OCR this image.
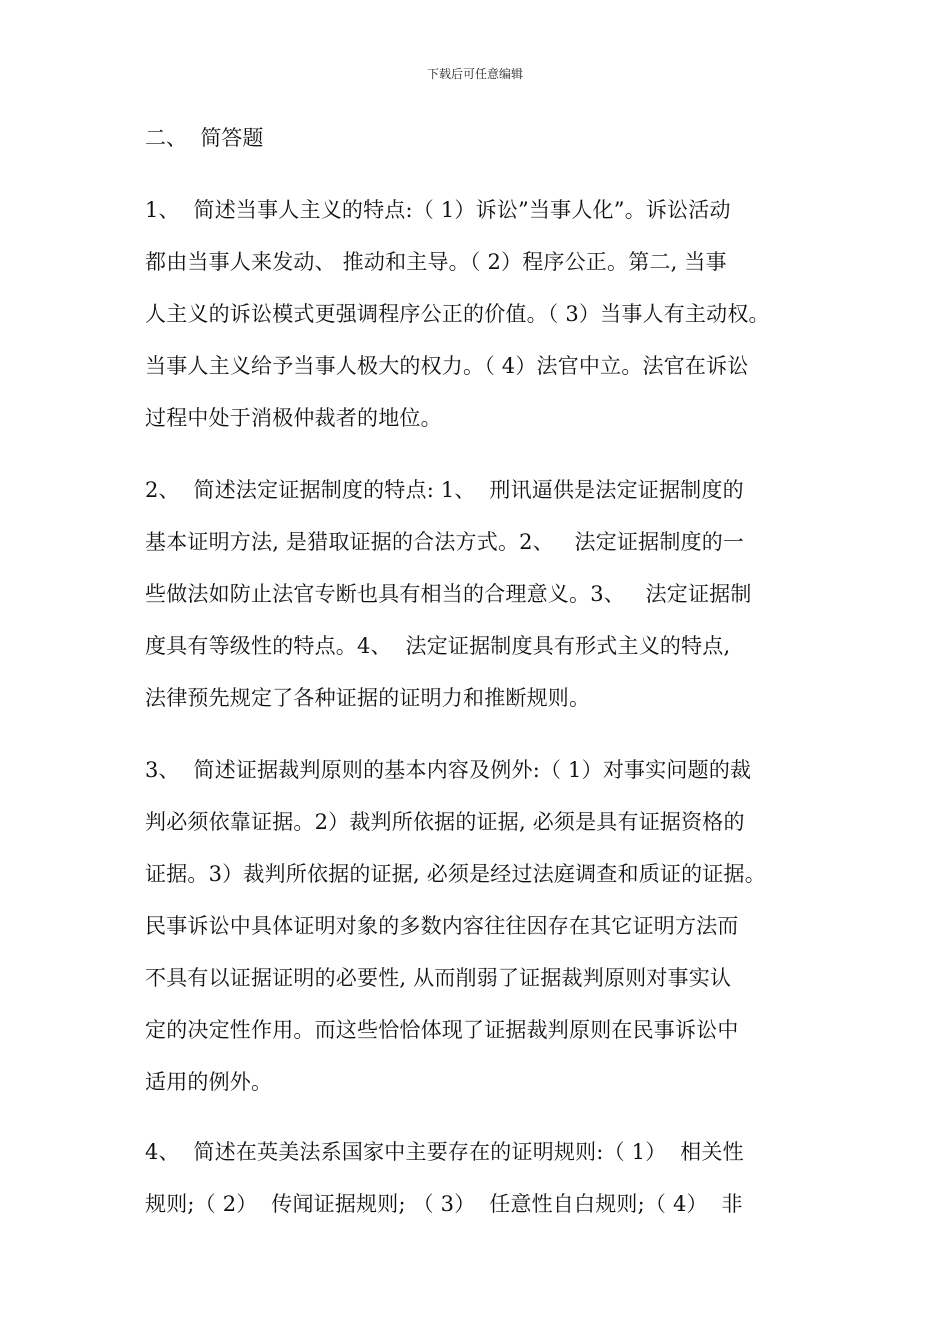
下载后可任意编辑
二、  简答题
1、  简述当事人主义的特点:（ 1）诉讼”当事人化”。诉讼活动
都由当事人来发动、 推动和主导。（ 2）程序公正。第二, 当事
人主义的诉讼模式更强调程序公正的价值。（ 3）当事人有主动权。
当事人主义给予当事人极大的权力。（ 4）法官中立。法官在诉讼
过程中处于消极仲裁者的地位。
2、  简述法定证据制度的特点: 1、  刑讯逼供是法定证据制度的
基本证明方法, 是猎取证据的合法方式。2、   法定证据制度的一
些做法如防止法官专断也具有相当的合理意义。3、   法定证据制
度具有等级性的特点。4、  法定证据制度具有形式主义的特点,
法律预先规定了各种证据的证明力和推断规则。
3、  简述证据裁判原则的基本内容及例外:（ 1）对事实问题的裁
判必须依靠证据。2）裁判所依据的证据, 必须是具有证据资格的
证据。3）裁判所依据的证据, 必须是经过法庭调查和质证的证据。
民事诉讼中具体证明对象的多数内容往往因存在其它证明方法而
不具有以证据证明的必要性, 从而削弱了证据裁判原则对事实认
定的决定性作用。而这些恰恰体现了证据裁判原则在民事诉讼中
适用的例外。
4、  简述在英美法系国家中主要存在的证明规则:（ 1）  相关性
规则;（ 2）  传闻证据规则; （ 3）  任意性自白规则;（ 4）  非
